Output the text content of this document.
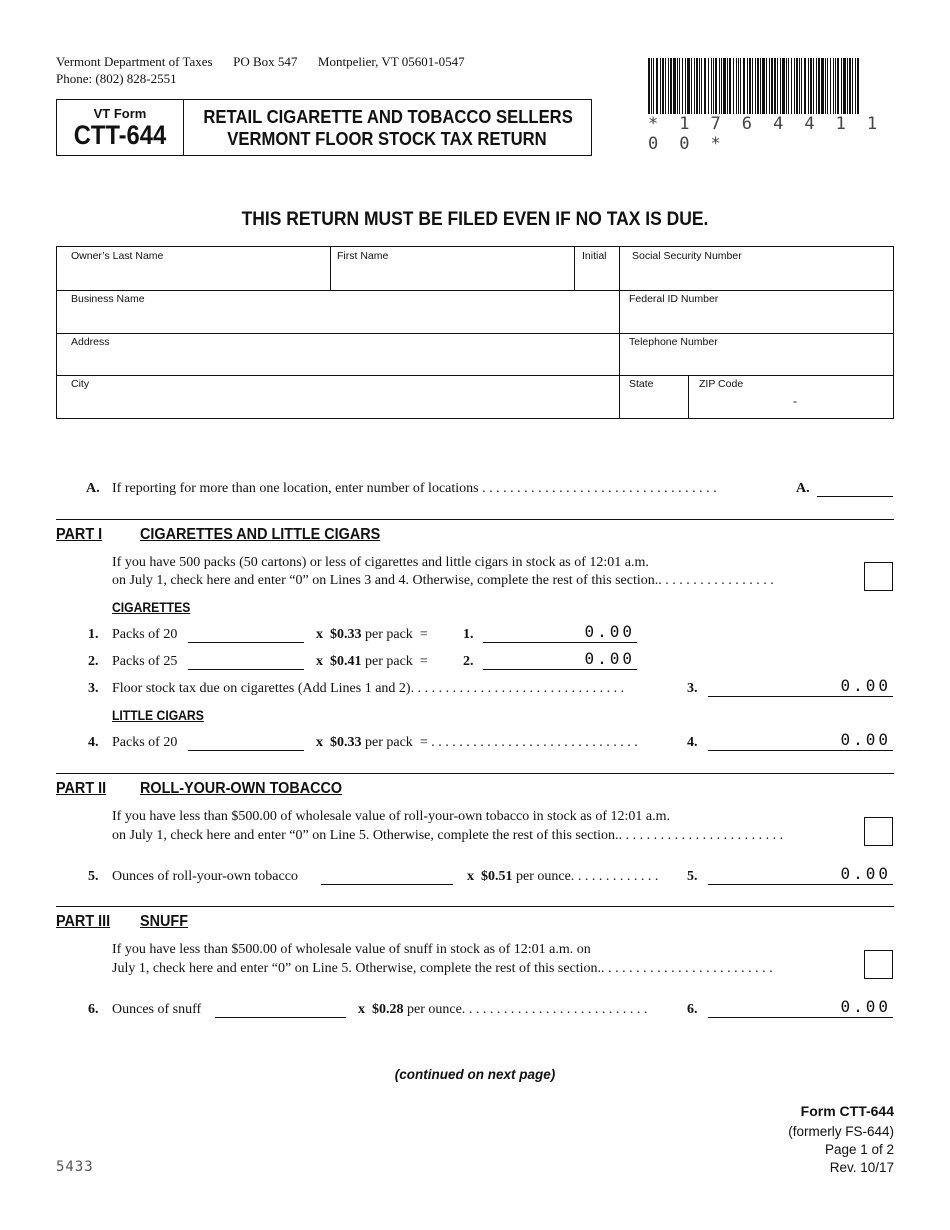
Vermont Department of Taxes PO Box 547 Montpelier, VT 05601-0547
Phone: (802) 828-2551
VT Form
CTT-644
RETAIL CIGARETTE AND TOBACCO SELLERS
VERMONT FLOOR STOCK TAX RETURN
* 1 7 6 4 4 1 1 0 0 *
THIS RETURN MUST BE FILED EVEN IF NO TAX IS DUE.
Owner’s Last Name	First Name	Initial	Social Security Number
Business Name	Federal ID Number
Address	Telephone Number
City	State	ZIP Code
-
A. If reporting for more than one location, enter number of locations . . . . . . . . . . . . . . . . . . . . . . . . . . . . . . . . . .	A.
PART I CIGARETTES AND LITTLE CIGARS
If you have 500 packs (50 cartons) or less of cigarettes and little cigars in stock as of 12:01 a.m.
on July 1, check here and enter “0” on Lines 3 and 4. Otherwise, complete the rest of this section.. . . . . . . . . . . . . . . . .
CIGARETTES
1. Packs of 20	x $0.33 per pack =	1.	0.00
2. Packs of 25	x $0.41 per pack =	2.	0.00
3. Floor stock tax due on cigarettes (Add Lines 1 and 2). . . . . . . . . . . . . . . . . . . . . . . . . . . . . . .	3.	0.00
LITTLE CIGARS
4. Packs of 20	x $0.33 per pack = . . . . . . . . . . . . . . . . . . . . . . . . . . . . . .	4.	0.00
PART II ROLL-YOUR-OWN TOBACCO
If you have less than $500.00 of wholesale value of roll-your-own tobacco in stock as of 12:01 a.m.
on July 1, check here and enter “0” on Line 5. Otherwise, complete the rest of this section.. . . . . . . . . . . . . . . . . . . . . . . .
5. Ounces of roll-your-own tobacco	x $0.51 per ounce. . . . . . . . . . . . . 5.	0.00
PART III SNUFF
If you have less than $500.00 of wholesale value of snuff in stock as of 12:01 a.m. on
July 1, check here and enter “0” on Line 5. Otherwise, complete the rest of this section.. . . . . . . . . . . . . . . . . . . . . . . . .
6. Ounces of snuff	x $0.28 per ounce. . . . . . . . . . . . . . . . . . . . . . . . . . .	6.	0.00
(continued on next page)
5433
Form CTT-644
(formerly FS-644)
Page 1 of 2
Rev. 10/17
